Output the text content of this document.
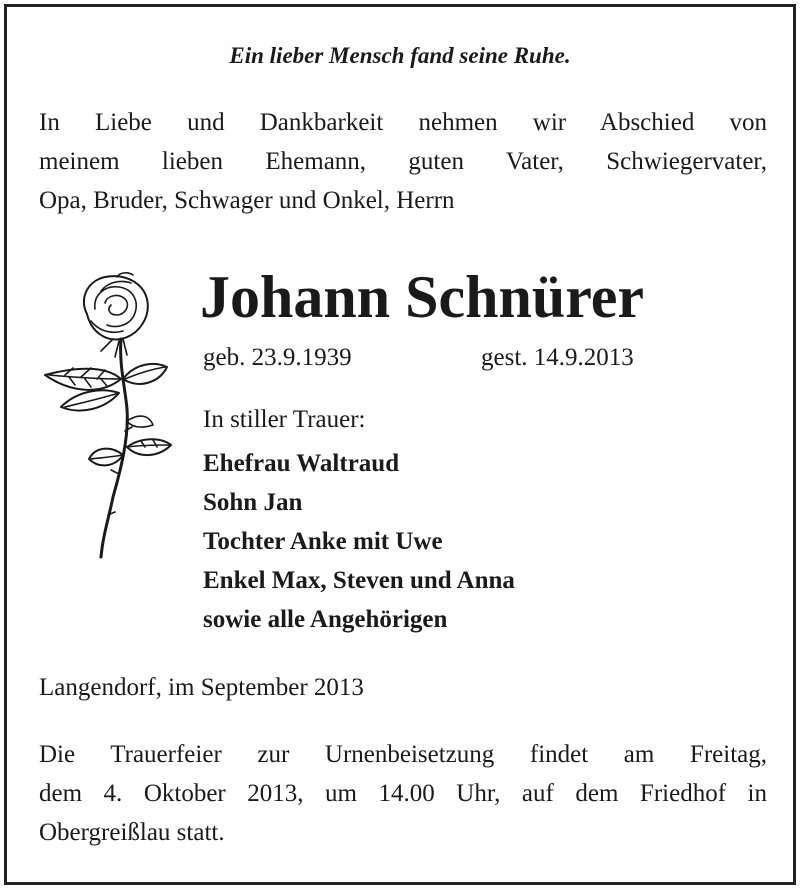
Ein lieber Mensch fand seine Ruhe.
In Liebe und Dankbarkeit nehmen wir Abschied von
meinem lieben Ehemann, guten Vater, Schwiegervater,
Opa, Bruder, Schwager und Onkel, Herrn
Johann Schnürer
geb. 23.9.1939	gest. 14.9.2013
In stiller Trauer:
Ehefrau Waltraud
Sohn Jan
Tochter Anke mit Uwe
Enkel Max, Steven und Anna
sowie alle Angehörigen
Langendorf, im September 2013
Die Trauerfeier zur Urnenbeisetzung findet am Freitag,
dem 4. Oktober 2013, um 14.00 Uhr, auf dem Friedhof in
Obergreißlau statt.
